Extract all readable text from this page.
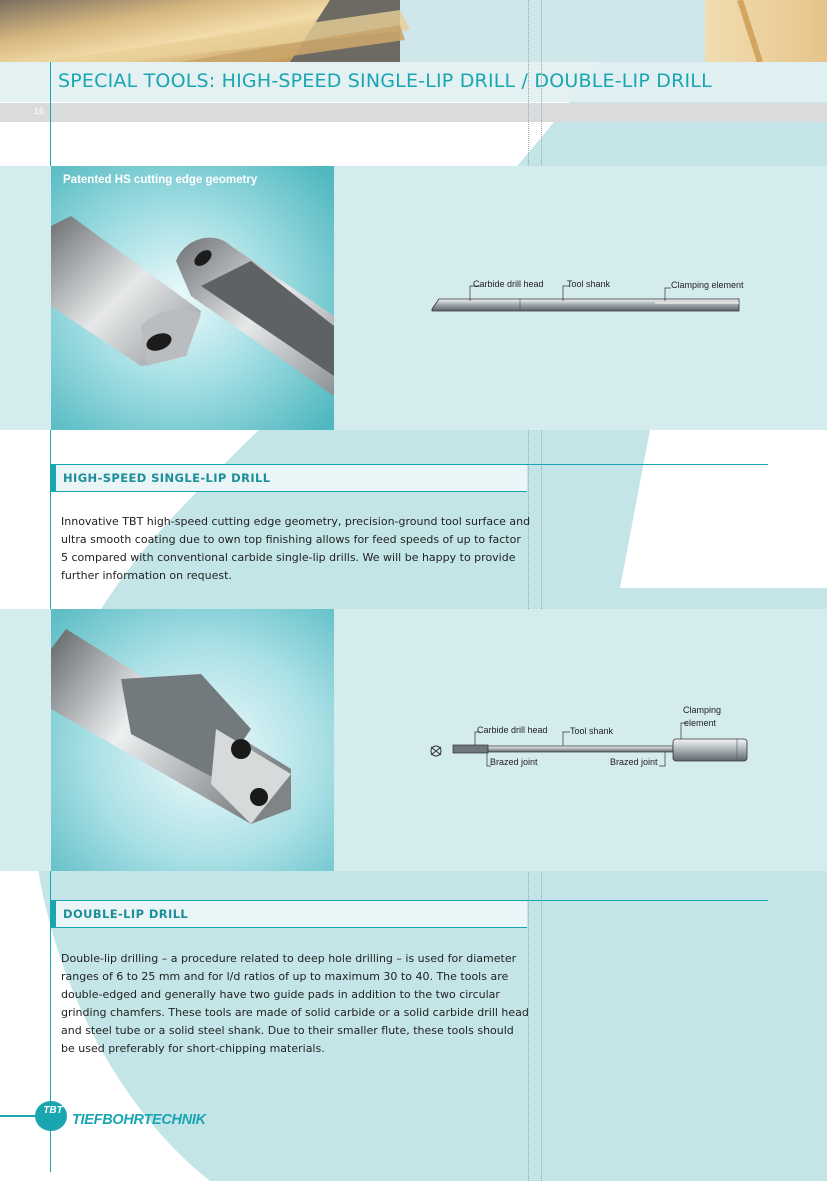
SPECIAL TOOLS: HIGH-SPEED SINGLE-LIP DRILL / DOUBLE-LIP DRILL
16
Patented HS cutting edge geometry
Carbide drill head	Tool shank	Clamping element
HIGH-SPEED SINGLE-LIP DRILL
Innovative TBT high-speed cutting edge geometry, precision-ground tool surface and ultra smooth coating due to own top finishing allows for feed speeds of up to factor 5 compared with conventional carbide single-lip drills. We will be happy to provide further information on request.
Carbide drill head Tool shank
Clamping
element
Brazed joint	Brazed joint
DOUBLE-LIP DRILL
Double-lip drilling – a procedure related to deep hole drilling – is used for diameter ranges of 6 to 25 mm and for l/d ratios of up to maximum 30 to 40. The tools are double-edged and generally have two guide pads in addition to the two circular grinding chamfers. These tools are made of solid carbide or a solid carbide drill head and steel tube or a solid steel shank. Due to their smaller flute, these tools should be used preferably for short-chipping materials.
TBT
TIEFBOHRTECHNIK
